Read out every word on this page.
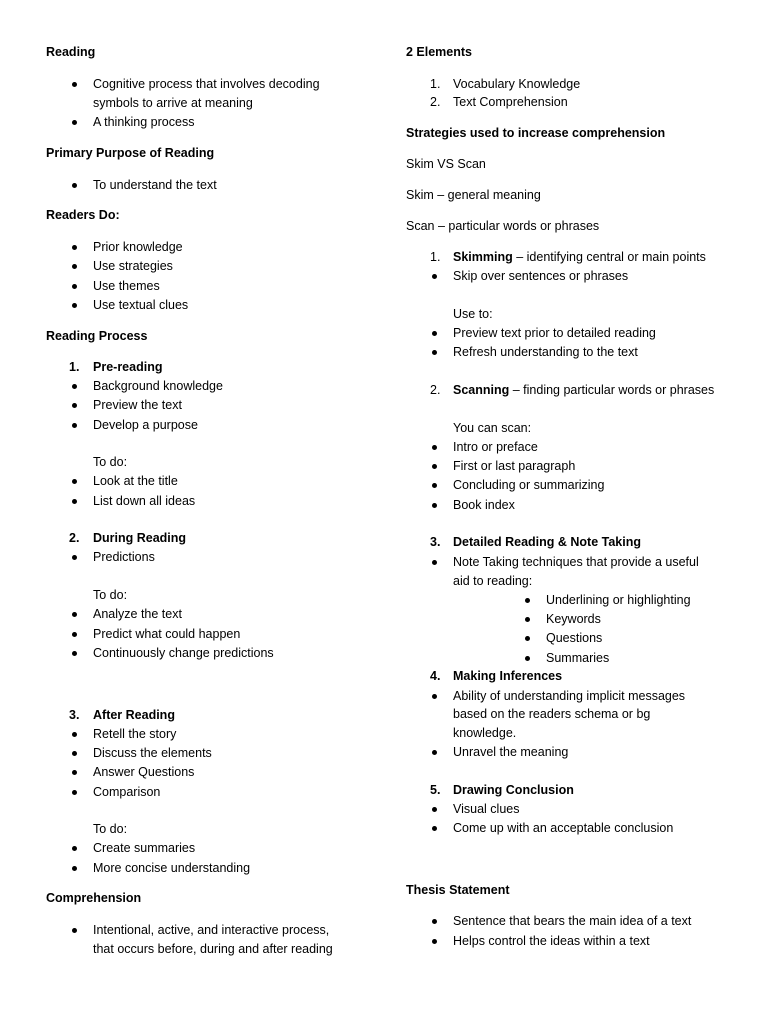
Reading
Cognitive process that involves decoding
symbols to arrive at meaning
A thinking process
Primary Purpose of Reading
To understand the text
Readers Do:
Prior knowledge
Use strategies
Use themes
Use textual clues
Reading Process
1. Pre-reading
Background knowledge
Preview the text
Develop a purpose
To do:
Look at the title
List down all ideas
2. During Reading
Predictions
To do:
Analyze the text
Predict what could happen
Continuously change predictions
3. After Reading
Retell the story
Discuss the elements
Answer Questions
Comparison
To do:
Create summaries
More concise understanding
Comprehension
Intentional, active, and interactive process,
that occurs before, during and after reading
2 Elements
1. Vocabulary Knowledge
2. Text Comprehension
Strategies used to increase comprehension
Skim VS Scan
Skim – general meaning
Scan – particular words or phrases
1. Skimming – identifying central or main points
Skip over sentences or phrases
Use to:
Preview text prior to detailed reading
Refresh understanding to the text
2. Scanning – finding particular words or phrases
You can scan:
Intro or preface
First or last paragraph
Concluding or summarizing
Book index
3. Detailed Reading & Note Taking
Note Taking techniques that provide a useful
aid to reading:
Underlining or highlighting
Keywords
Questions
Summaries
4. Making Inferences
Ability of understanding implicit messages
based on the readers schema or bg
knowledge.
Unravel the meaning
5. Drawing Conclusion
Visual clues
Come up with an acceptable conclusion
Thesis Statement
Sentence that bears the main idea of a text
Helps control the ideas within a text
